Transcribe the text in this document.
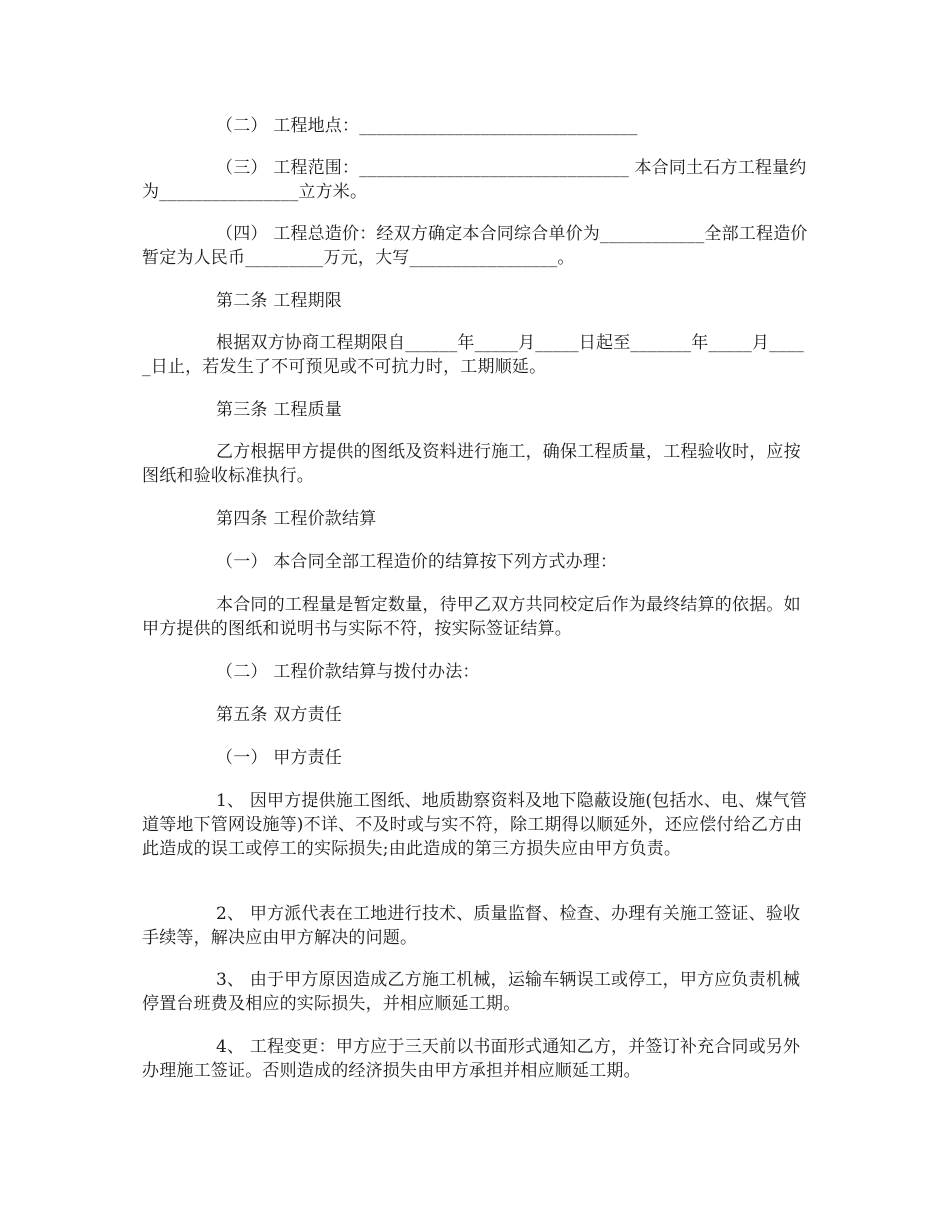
（二） 工程地点：________________________________
（三） 工程范围：_______________________________ 本合同土石方工程量约为________________立方米。
（四） 工程总造价：经双方确定本合同综合单价为____________全部工程造价暂定为人民币_________万元，大写_________________。
第二条 工程期限
根据双方协商工程期限自______年_____月_____日起至_______年_____月_____日止，若发生了不可预见或不可抗力时，工期顺延。
第三条 工程质量
乙方根据甲方提供的图纸及资料进行施工，确保工程质量，工程验收时，应按图纸和验收标准执行。
第四条 工程价款结算
（一） 本合同全部工程造价的结算按下列方式办理：
本合同的工程量是暂定数量，待甲乙双方共同校定后作为最终结算的依据。如甲方提供的图纸和说明书与实际不符，按实际签证结算。
（二） 工程价款结算与拨付办法：
第五条 双方责任
（一） 甲方责任
1、 因甲方提供施工图纸、地质勘察资料及地下隐蔽设施(包括水、电、煤气管道等地下管网设施等)不详、不及时或与实不符，除工期得以顺延外，还应偿付给乙方由此造成的误工或停工的实际损失;由此造成的第三方损失应由甲方负责。
2、 甲方派代表在工地进行技术、质量监督、检查、办理有关施工签证、验收手续等，解决应由甲方解决的问题。
3、 由于甲方原因造成乙方施工机械，运输车辆误工或停工，甲方应负责机械停置台班费及相应的实际损失，并相应顺延工期。
4、 工程变更：甲方应于三天前以书面形式通知乙方，并签订补充合同或另外办理施工签证。否则造成的经济损失由甲方承担并相应顺延工期。
